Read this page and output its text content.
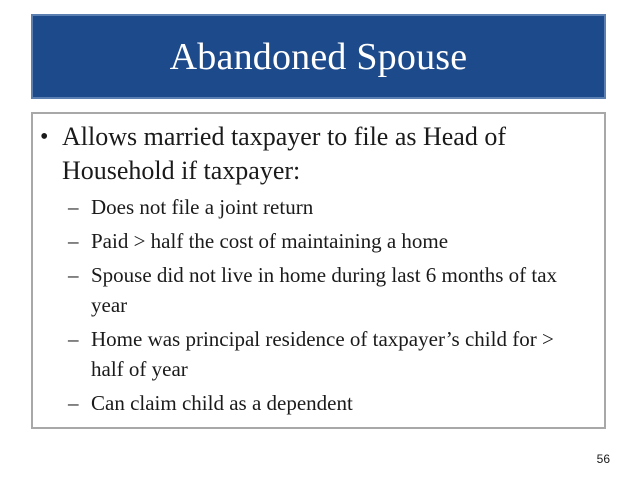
Abandoned Spouse
• Allows married taxpayer to file as Head of Household if taxpayer:
– Does not file a joint return
– Paid > half the cost of maintaining a home
– Spouse did not live in home during last 6 months of tax year
– Home was principal residence of taxpayer’s child for > half of year
– Can claim child as a dependent
56
